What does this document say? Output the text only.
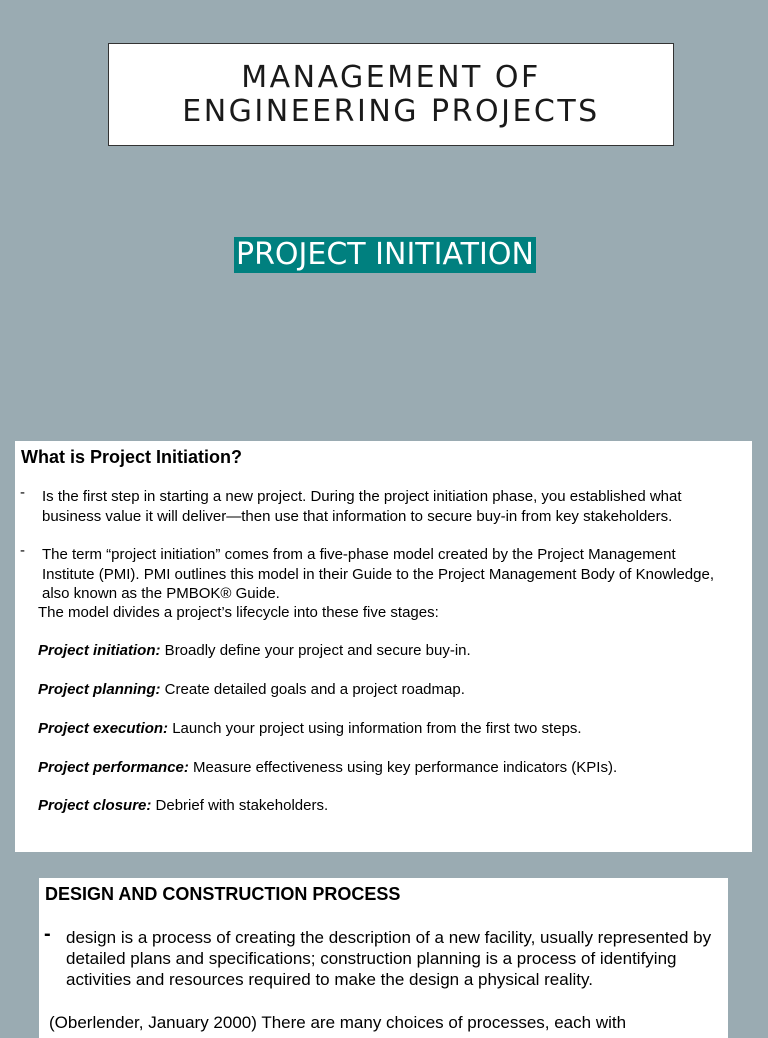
MANAGEMENT OF
ENGINEERING PROJECTS
PROJECT INITIATION
What is Project Initiation?
- Is the first step in starting a new project. During the project initiation phase, you established what business value it will deliver—then use that information to secure buy-in from key stakeholders.
- The term “project initiation” comes from a five-phase model created by the Project Management Institute (PMI). PMI outlines this model in their Guide to the Project Management Body of Knowledge, also known as the PMBOK® Guide.
The model divides a project’s lifecycle into these five stages:
Project initiation: Broadly define your project and secure buy-in.
Project planning: Create detailed goals and a project roadmap.
Project execution: Launch your project using information from the first two steps.
Project performance: Measure effectiveness using key performance indicators (KPIs).
Project closure: Debrief with stakeholders.
DESIGN AND CONSTRUCTION PROCESS
- design is a process of creating the description of a new facility, usually represented by detailed plans and specifications; construction planning is a process of identifying activities and resources required to make the design a physical reality.
(Oberlender, January 2000) There are many choices of processes, each with
